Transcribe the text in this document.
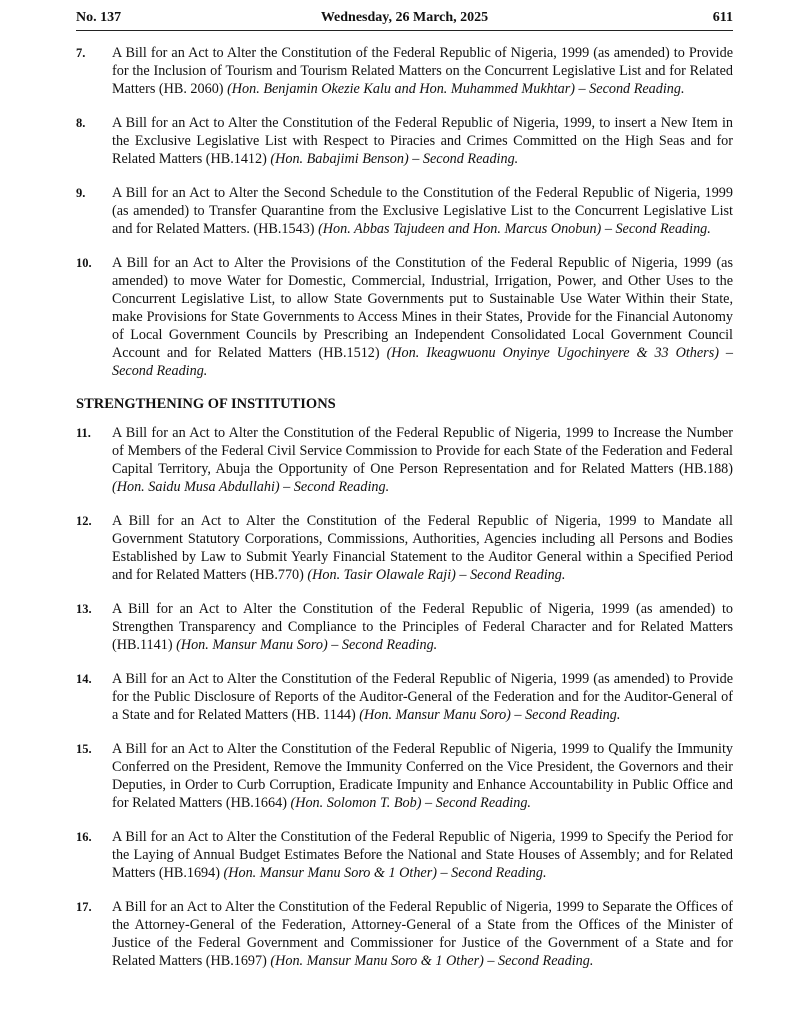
No. 137	Wednesday, 26 March, 2025	611
7. A Bill for an Act to Alter the Constitution of the Federal Republic of Nigeria, 1999 (as amended) to Provide for the Inclusion of Tourism and Tourism Related Matters on the Concurrent Legislative List and for Related Matters (HB. 2060) (Hon. Benjamin Okezie Kalu and Hon. Muhammed Mukhtar) – Second Reading.
8. A Bill for an Act to Alter the Constitution of the Federal Republic of Nigeria, 1999, to insert a New Item in the Exclusive Legislative List with Respect to Piracies and Crimes Committed on the High Seas and for Related Matters (HB.1412) (Hon. Babajimi Benson) – Second Reading.
9. A Bill for an Act to Alter the Second Schedule to the Constitution of the Federal Republic of Nigeria, 1999 (as amended) to Transfer Quarantine from the Exclusive Legislative List to the Concurrent Legislative List and for Related Matters. (HB.1543) (Hon. Abbas Tajudeen and Hon. Marcus Onobun) – Second Reading.
10. A Bill for an Act to Alter the Provisions of the Constitution of the Federal Republic of Nigeria, 1999 (as amended) to move Water for Domestic, Commercial, Industrial, Irrigation, Power, and Other Uses to the Concurrent Legislative List, to allow State Governments put to Sustainable Use Water Within their State, make Provisions for State Governments to Access Mines in their States, Provide for the Financial Autonomy of Local Government Councils by Prescribing an Independent Consolidated Local Government Council Account and for Related Matters (HB.1512) (Hon. Ikeagwuonu Onyinye Ugochinyere & 33 Others) – Second Reading.
STRENGTHENING OF INSTITUTIONS
11. A Bill for an Act to Alter the Constitution of the Federal Republic of Nigeria, 1999 to Increase the Number of Members of the Federal Civil Service Commission to Provide for each State of the Federation and Federal Capital Territory, Abuja the Opportunity of One Person Representation and for Related Matters (HB.188) (Hon. Saidu Musa Abdullahi) – Second Reading.
12. A Bill for an Act to Alter the Constitution of the Federal Republic of Nigeria, 1999 to Mandate all Government Statutory Corporations, Commissions, Authorities, Agencies including all Persons and Bodies Established by Law to Submit Yearly Financial Statement to the Auditor General within a Specified Period and for Related Matters (HB.770) (Hon. Tasir Olawale Raji) – Second Reading.
13. A Bill for an Act to Alter the Constitution of the Federal Republic of Nigeria, 1999 (as amended) to Strengthen Transparency and Compliance to the Principles of Federal Character and for Related Matters (HB.1141) (Hon. Mansur Manu Soro) – Second Reading.
14. A Bill for an Act to Alter the Constitution of the Federal Republic of Nigeria, 1999 (as amended) to Provide for the Public Disclosure of Reports of the Auditor-General of the Federation and for the Auditor-General of a State and for Related Matters (HB. 1144) (Hon. Mansur Manu Soro) – Second Reading.
15. A Bill for an Act to Alter the Constitution of the Federal Republic of Nigeria, 1999 to Qualify the Immunity Conferred on the President, Remove the Immunity Conferred on the Vice President, the Governors and their Deputies, in Order to Curb Corruption, Eradicate Impunity and Enhance Accountability in Public Office and for Related Matters (HB.1664) (Hon. Solomon T. Bob) – Second Reading.
16. A Bill for an Act to Alter the Constitution of the Federal Republic of Nigeria, 1999 to Specify the Period for the Laying of Annual Budget Estimates Before the National and State Houses of Assembly; and for Related Matters (HB.1694) (Hon. Mansur Manu Soro & 1 Other) – Second Reading.
17. A Bill for an Act to Alter the Constitution of the Federal Republic of Nigeria, 1999 to Separate the Offices of the Attorney-General of the Federation, Attorney-General of a State from the Offices of the Minister of Justice of the Federal Government and Commissioner for Justice of the Government of a State and for Related Matters (HB.1697) (Hon. Mansur Manu Soro & 1 Other) – Second Reading.
